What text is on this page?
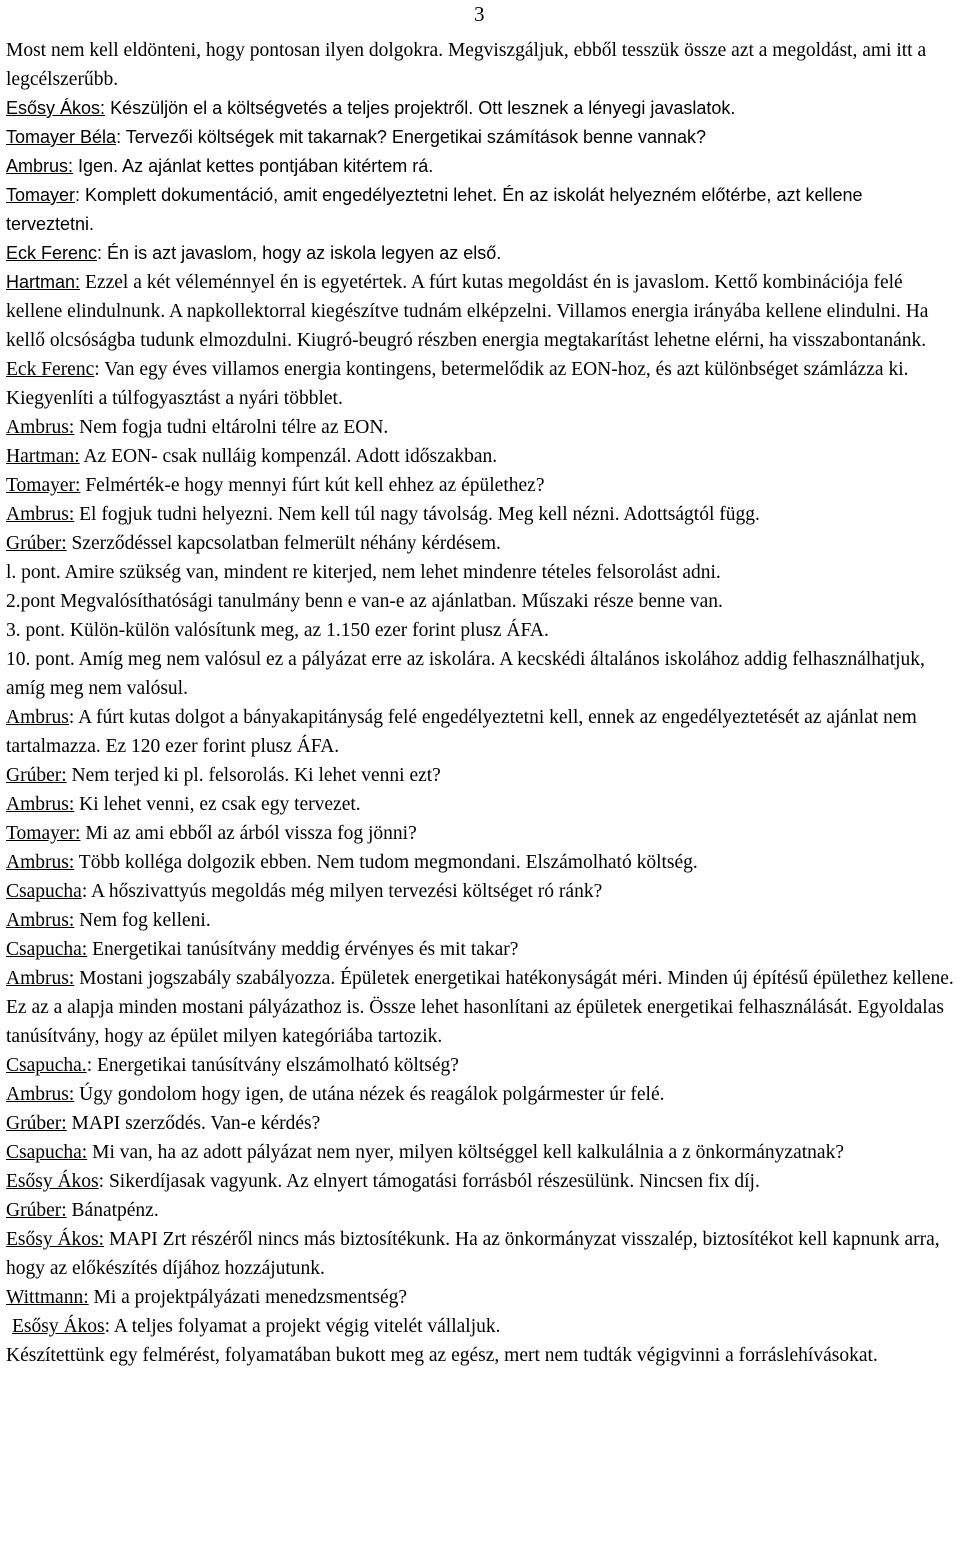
3

Most nem kell eldönteni, hogy pontosan ilyen dolgokra. Megviszgáljuk, ebből tesszük össze azt a megoldást, ami itt a legcélszerűbb.

Esősy Ákos: Készüljön el a költségvetés a teljes projektről. Ott lesznek a lényegi javaslatok.

Tomayer Béla: Tervezői költségek mit takarnak? Energetikai számítások benne vannak?

Ambrus: Igen. Az ajánlat kettes pontjában kitértem rá.

Tomayer: Komplett dokumentáció, amit engedélyeztetni lehet. Én az iskolát helyezném előtérbe, azt kellene terveztetni.

Eck Ferenc: Én is azt javaslom, hogy az iskola legyen az első.

Hartman: Ezzel a két véleménnyel én is egyetértek. A fúrt kutas megoldást én is javaslom. Kettő kombinációja felé kellene elindulnunk. A napkollektorral kiegészítve tudnám elképzelni. Villamos energia irányába kellene elindulni. Ha kellő olcsóságba tudunk elmozdulni. Kiugró-beugró részben energia megtakarítást lehetne elérni, ha visszabontanánk.

Eck Ferenc: Van egy éves villamos energia kontingens, betermelődik az EON-hoz, és azt különbséget számlázza ki. Kiegyenlíti a túlfogyasztást a nyári többlet.

Ambrus: Nem fogja tudni eltárolni télre az EON.

Hartman: Az EON- csak nulláig kompenzál. Adott időszakban.

Tomayer: Felmérték-e hogy mennyi fúrt kút kell ehhez az épülethez?

Ambrus: El fogjuk tudni helyezni. Nem kell túl nagy távolság. Meg kell nézni. Adottságtól függ.

Grúber: Szerződéssel kapcsolatban felmerült néhány kérdésem.

l. pont. Amire szükség van, mindent re kiterjed, nem lehet mindenre tételes felsorolást adni.

2.pont Megvalósíthatósági tanulmány benn e van-e az ajánlatban. Műszaki része benne van.

3. pont. Külön-külön valósítunk meg, az 1.150 ezer forint plusz ÁFA.

10. pont. Amíg meg nem valósul ez a pályázat erre az iskolára. A kecskédi általános iskolához addig felhasználhatjuk, amíg meg nem valósul.

Ambrus: A fúrt kutas dolgot a bányakapitányság felé engedélyeztetni kell, ennek az engedélyeztetését az ajánlat nem tartalmazza. Ez 120 ezer forint plusz ÁFA.

Grúber: Nem terjed ki pl. felsorolás. Ki lehet venni ezt?

Ambrus: Ki lehet venni, ez csak egy tervezet.

Tomayer: Mi az ami ebből az árból vissza fog jönni?

Ambrus: Több kolléga dolgozik ebben. Nem tudom megmondani. Elszámolható költség.

Csapucha: A hőszivattyús megoldás még milyen tervezési költséget ró ránk?

Ambrus: Nem fog kelleni.

Csapucha: Energetikai tanúsítvány meddig érvényes és mit takar?

Ambrus: Mostani jogszabály szabályozza. Épületek energetikai hatékonyságát méri. Minden új építésű épülethez kellene. Ez az a alapja minden mostani pályázathoz is. Össze lehet hasonlítani az épületek energetikai felhasználását. Egyoldalas tanúsítvány, hogy az épület milyen kategóriába tartozik.

Csapucha.: Energetikai tanúsítvány elszámolható költség?

Ambrus: Úgy gondolom hogy igen, de utána nézek és reagálok polgármester úr felé.

Grúber: MAPI szerződés. Van-e kérdés?

Csapucha: Mi van, ha az adott pályázat nem nyer, milyen költséggel kell kalkulálnia a z önkormányzatnak?

Esősy Ákos: Sikerdíjasak vagyunk. Az elnyert támogatási forrásból részesülünk. Nincsen fix díj.

Grúber: Bánatpénz.

Esősy Ákos: MAPI Zrt részéről nincs más biztosítékunk. Ha az önkormányzat visszalép, biztosítékot kell kapnunk arra, hogy az előkészítés díjához hozzájutunk.

Wittmann: Mi a projektpályázati menedzsmentség?

Esősy Ákos: A teljes folyamat a projekt végig vitelét vállaljuk.

Készítettünk egy felmérést, folyamatában bukott meg az egész, mert nem tudták végigvinni a forráslehívásokat.
